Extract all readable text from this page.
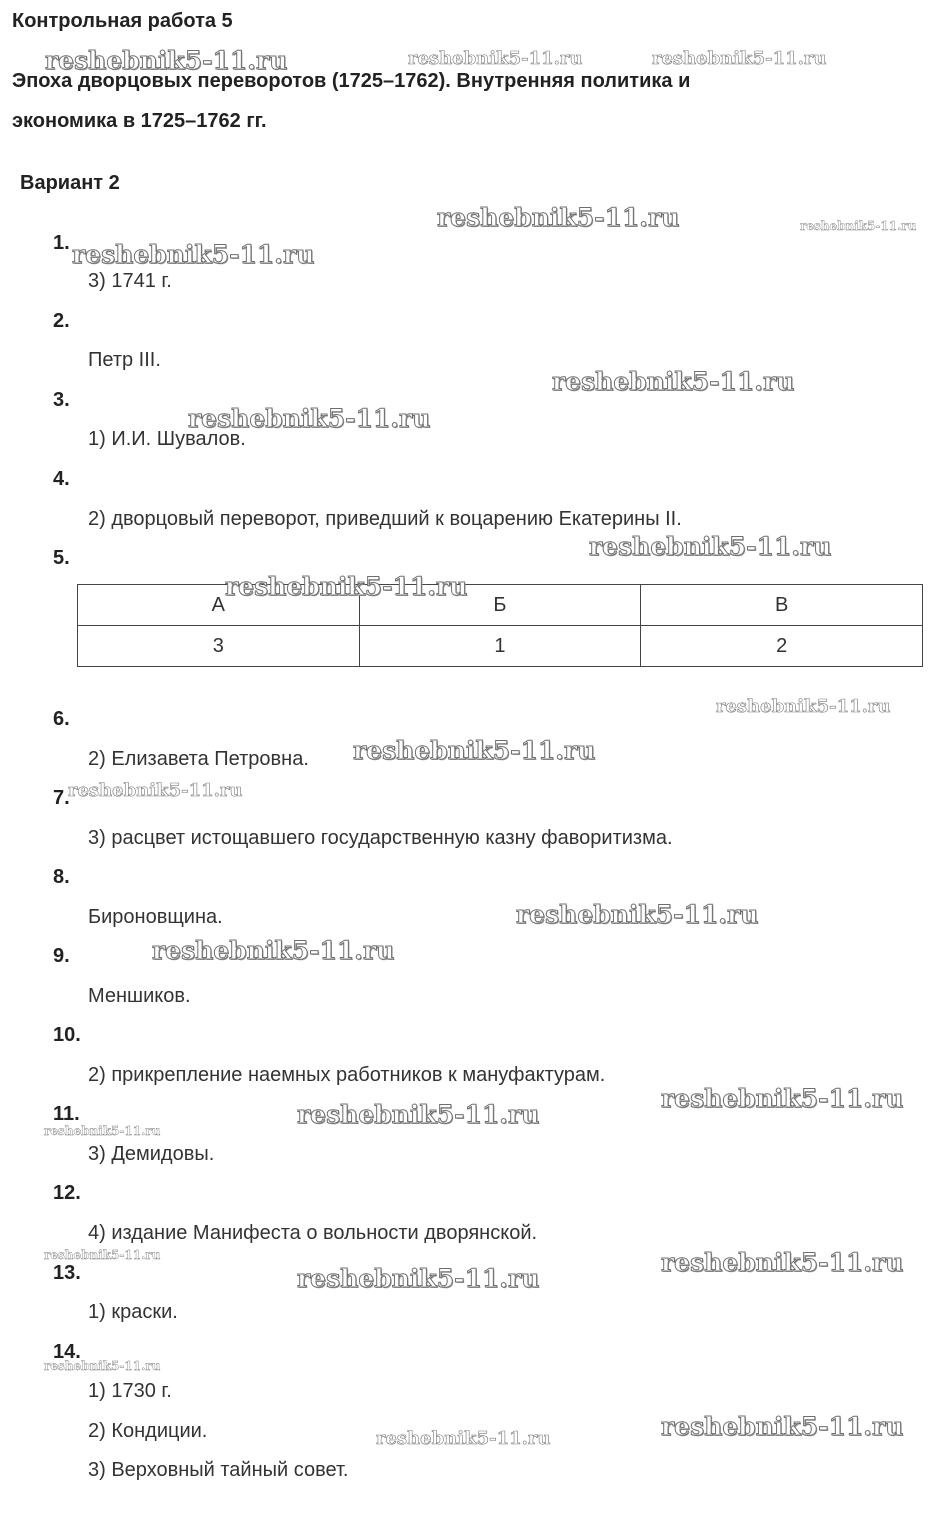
Контрольная работа 5
Эпоха дворцовых переворотов (1725–1762). Внутренняя политика и
экономика в 1725–1762 гг.
Вариант 2
1.
3) 1741 г.
2.
Петр III.
3.
1) И.И. Шувалов.
4.
2) дворцовый переворот, приведший к воцарению Екатерины II.
5.
А	Б	В
3	1	2
6.
2) Елизавета Петровна.
7.
3) расцвет истощавшего государственную казну фаворитизма.
8.
Бироновщина.
9.
Меншиков.
10.
2) прикрепление наемных работников к мануфактурам.
11.
3) Демидовы.
12.
4) издание Манифеста о вольности дворянской.
13.
1) краски.
14.
1) 1730 г.
2) Кондиции.
3) Верховный тайный совет.
reshebnik5-11.ru	reshebnik5-11.ru	reshebnik5-11.ru
reshebnik5-11.ru	reshebnik5-11.ru
reshebnik5-11.ru
reshebnik5-11.ru
reshebnik5-11.ru
reshebnik5-11.ru
reshebnik5-11.ru
reshebnik5-11.ru
reshebnik5-11.ru
reshebnik5-11.ru
reshebnik5-11.ru
reshebnik5-11.ru
reshebnik5-11.ru
reshebnik5-11.ru
reshebnik5-11.ru
reshebnik5-11.ru	reshebnik5-11.ru
reshebnik5-11.ru
reshebnik5-11.ru
reshebnik5-11.ru
reshebnik5-11.ru
